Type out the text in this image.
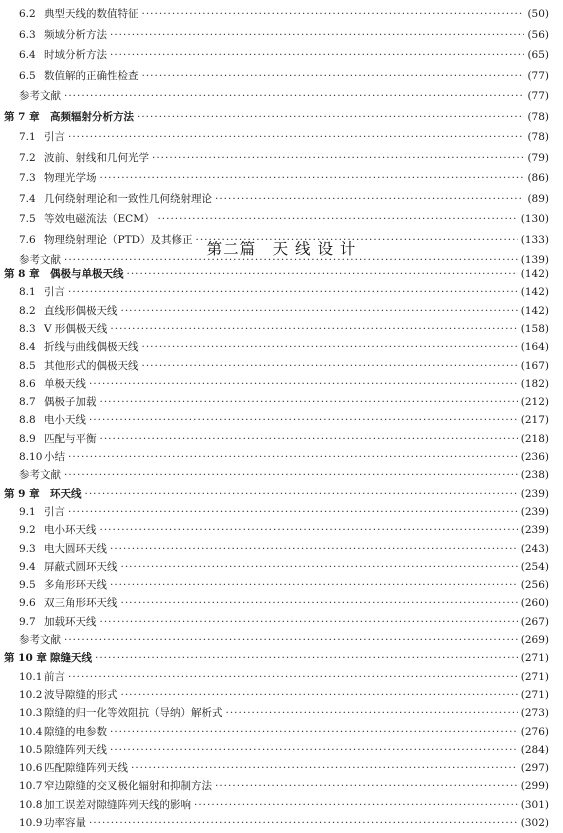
第二篇　天 线 设 计
6.2 典型天线的数值特征 ·····	(50)
6.3 频域分析方法 ·····	(56)
6.4 时域分析方法 ·····	(65)
6.5 数值解的正确性检查 ·····	(77)
参考文献 ·····	(77)
第 7 章 高频辐射分析方法 ·····	(78)
7.1 引言 ·····	(78)
7.2 波前、射线和几何光学 ·····	(79)
7.3 物理光学场 ·····	(86)
7.4 几何绕射理论和一致性几何绕射理论 ·····	(89)
7.5 等效电磁流法（ECM） ·····	(130)
7.6 物理绕射理论（PTD）及其修正 ·····	(133)
参考文献 ·····	(139)
第 8 章 偶极与单极天线 ·····	(142)
8.1 引言 ·····	(142)
8.2 直线形偶极天线 ·····	(142)
8.3 V 形偶极天线 ·····	(158)
8.4 折线与曲线偶极天线 ·····	(164)
8.5 其他形式的偶极天线 ·····	(167)
8.6 单极天线 ·····	(182)
8.7 偶极子加载 ·····	(212)
8.8 电小天线 ·····	(217)
8.9 匹配与平衡 ·····	(218)
8.10 小结 ·····	(236)
参考文献 ·····	(238)
第 9 章 环天线 ·····	(239)
9.1 引言 ·····	(239)
9.2 电小环天线 ·····	(239)
9.3 电大圆环天线 ·····	(243)
9.4 屏蔽式圆环天线 ·····	(254)
9.5 多角形环天线 ·····	(256)
9.6 双三角形环天线 ·····	(260)
9.7 加载环天线 ·····	(267)
参考文献 ·····	(269)
第 10 章 隙缝天线 ·····	(271)
10.1 前言 ·····	(271)
10.2 波导隙缝的形式 ·····	(271)
10.3 隙缝的归一化等效阻抗（导纳）解析式 ·····	(273)
10.4 隙缝的电参数 ·····	(276)
10.5 隙缝阵列天线 ·····	(284)
10.6 匹配隙缝阵列天线 ·····	(297)
10.7 窄边隙缝的交叉极化辐射和抑制方法 ·····	(299)
10.8 加工误差对隙缝阵列天线的影响 ·····	(301)
10.9 功率容量 ·····	(302)
